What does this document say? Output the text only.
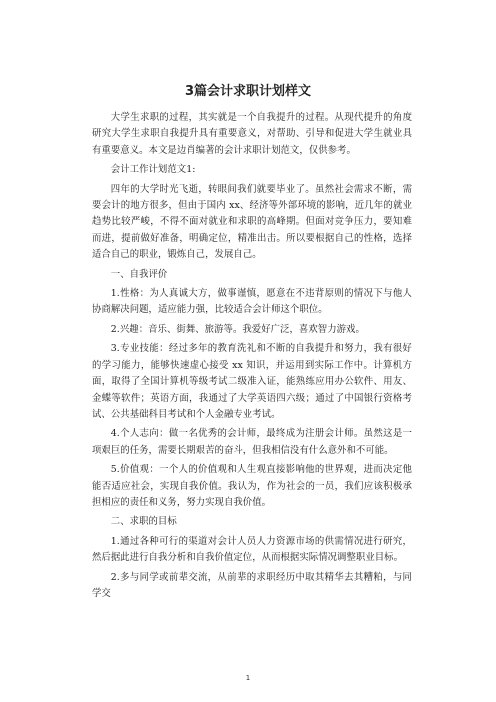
3篇会计求职计划样文

大学生求职的过程，其实就是一个自我提升的过程。从现代提升的角度研究大学生求职自我提升具有重要意义，对帮助、引导和促进大学生就业具有重要意义。本文是边肖编著的会计求职计划范文，仅供参考。

会计工作计划范文1:

四年的大学时光飞逝，转眼间我们就要毕业了。虽然社会需求不断，需要会计的地方很多，但由于国内 xx、经济等外部环境的影响，近几年的就业趋势比较严峻，不得不面对就业和求职的高峰期。但面对竞争压力，要知难而进，提前做好准备，明确定位，精准出击。所以要根据自己的性格，选择适合自己的职业，锻炼自己，发展自己。

一、自我评价

1.性格：为人真诚大方，做事谨慎，愿意在不违背原则的情况下与他人协商解决问题，适应能力强，比较适合会计师这个职位。

2.兴趣：音乐、街舞、旅游等。我爱好广泛，喜欢智力游戏。

3.专业技能：经过多年的教育洗礼和不断的自我提升和努力，我有很好的学习能力，能够快速虚心接受 xx 知识，并运用到实际工作中。计算机方面，取得了全国计算机等级考试二级准入证，能熟练应用办公软件、用友、金蝶等软件；英语方面，我通过了大学英语四六级；通过了中国银行资格考试、公共基础科目考试和个人金融专业考试。

4.个人志向：做一名优秀的会计师，最终成为注册会计师。虽然这是一项艰巨的任务，需要长期艰苦的奋斗，但我相信没有什么意外和不可能。

5.价值观：一个人的价值观和人生观直接影响他的世界观，进而决定他能否适应社会，实现自我价值。我认为，作为社会的一员，我们应该积极承担相应的责任和义务，努力实现自我价值。

二、求职的目标

1.通过各种可行的渠道对会计人员人力资源市场的供需情况进行研究，然后据此进行自我分析和自我价值定位，从而根据实际情况调整职业目标。

2.多与同学或前辈交流，从前辈的求职经历中取其精华去其糟粕，与同学交

1
